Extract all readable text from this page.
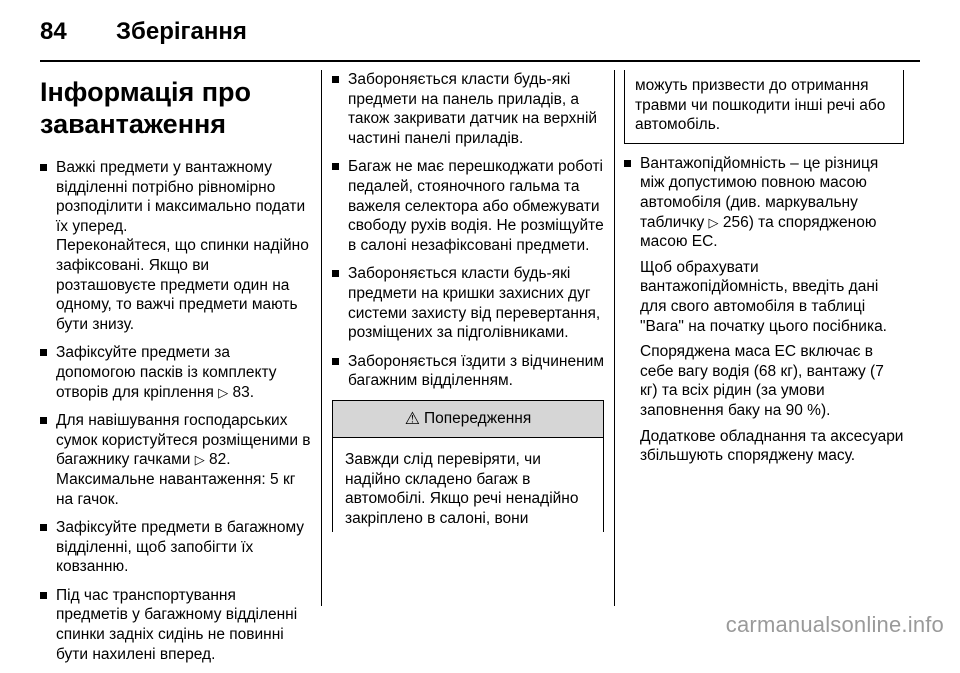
84 Зберігання
Інформація про
завантаження

Важкі предмети у вантажному відділенні потрібно рівномірно розподілити і максимально подати їх уперед.

Переконайтеся, що спинки надійно зафіксовані. Якщо ви розташовуєте предмети один на одному, то важчі предмети мають бути знизу.

Зафіксуйте предмети за допомогою пасків із комплекту отворів для кріплення ▷ 83.
Для навішування господарських сумок користуйтеся розміщеними в багажнику гачками ▷ 82. Максимальне навантаження: 5 кг на гачок.
Зафіксуйте предмети в багажному відділенні, щоб запобігти їх ковзанню.
Під час транспортування предметів у багажному відділенні спинки задніх сидінь не повинні бути нахилені вперед.
Забороняється класти будь-які предмети на панель приладів, а також закривати датчик на верхній частині панелі приладів.
Багаж не має перешкоджати роботі педалей, стояночного гальма та важеля селектора або обмежувати свободу рухів водія. Не розміщуйте в салоні незафіксовані предмети.
Забороняється класти будь-які предмети на кришки захисних дуг системи захисту від перевертання, розміщених за підголівниками.
Забороняється їздити з відчиненим багажним відділенням.
⚠ Попередження
Завжди слід перевіряти, чи надійно складено багаж в автомобілі. Якщо речі ненадійно закріплено в салоні, вони
можуть призвести до отримання травми чи пошкодити інші речі або автомобіль.

Вантажопідйомність – це різниця між допустимою повною масою автомобіля (див. маркувальну табличку ▷ 256) та спорядженою масою ЕС.

Щоб обрахувати вантажопідйомність, введіть дані для свого автомобіля в таблиці "Вага" на початку цього посібника.

Споряджена маса ЕС включає в себе вагу водія (68 кг), вантажу (7 кг) та всіх рідин (за умови заповнення баку на 90 %).

Додаткове обладнання та аксесуари збільшують споряджену масу.

carmanualsonline.info
